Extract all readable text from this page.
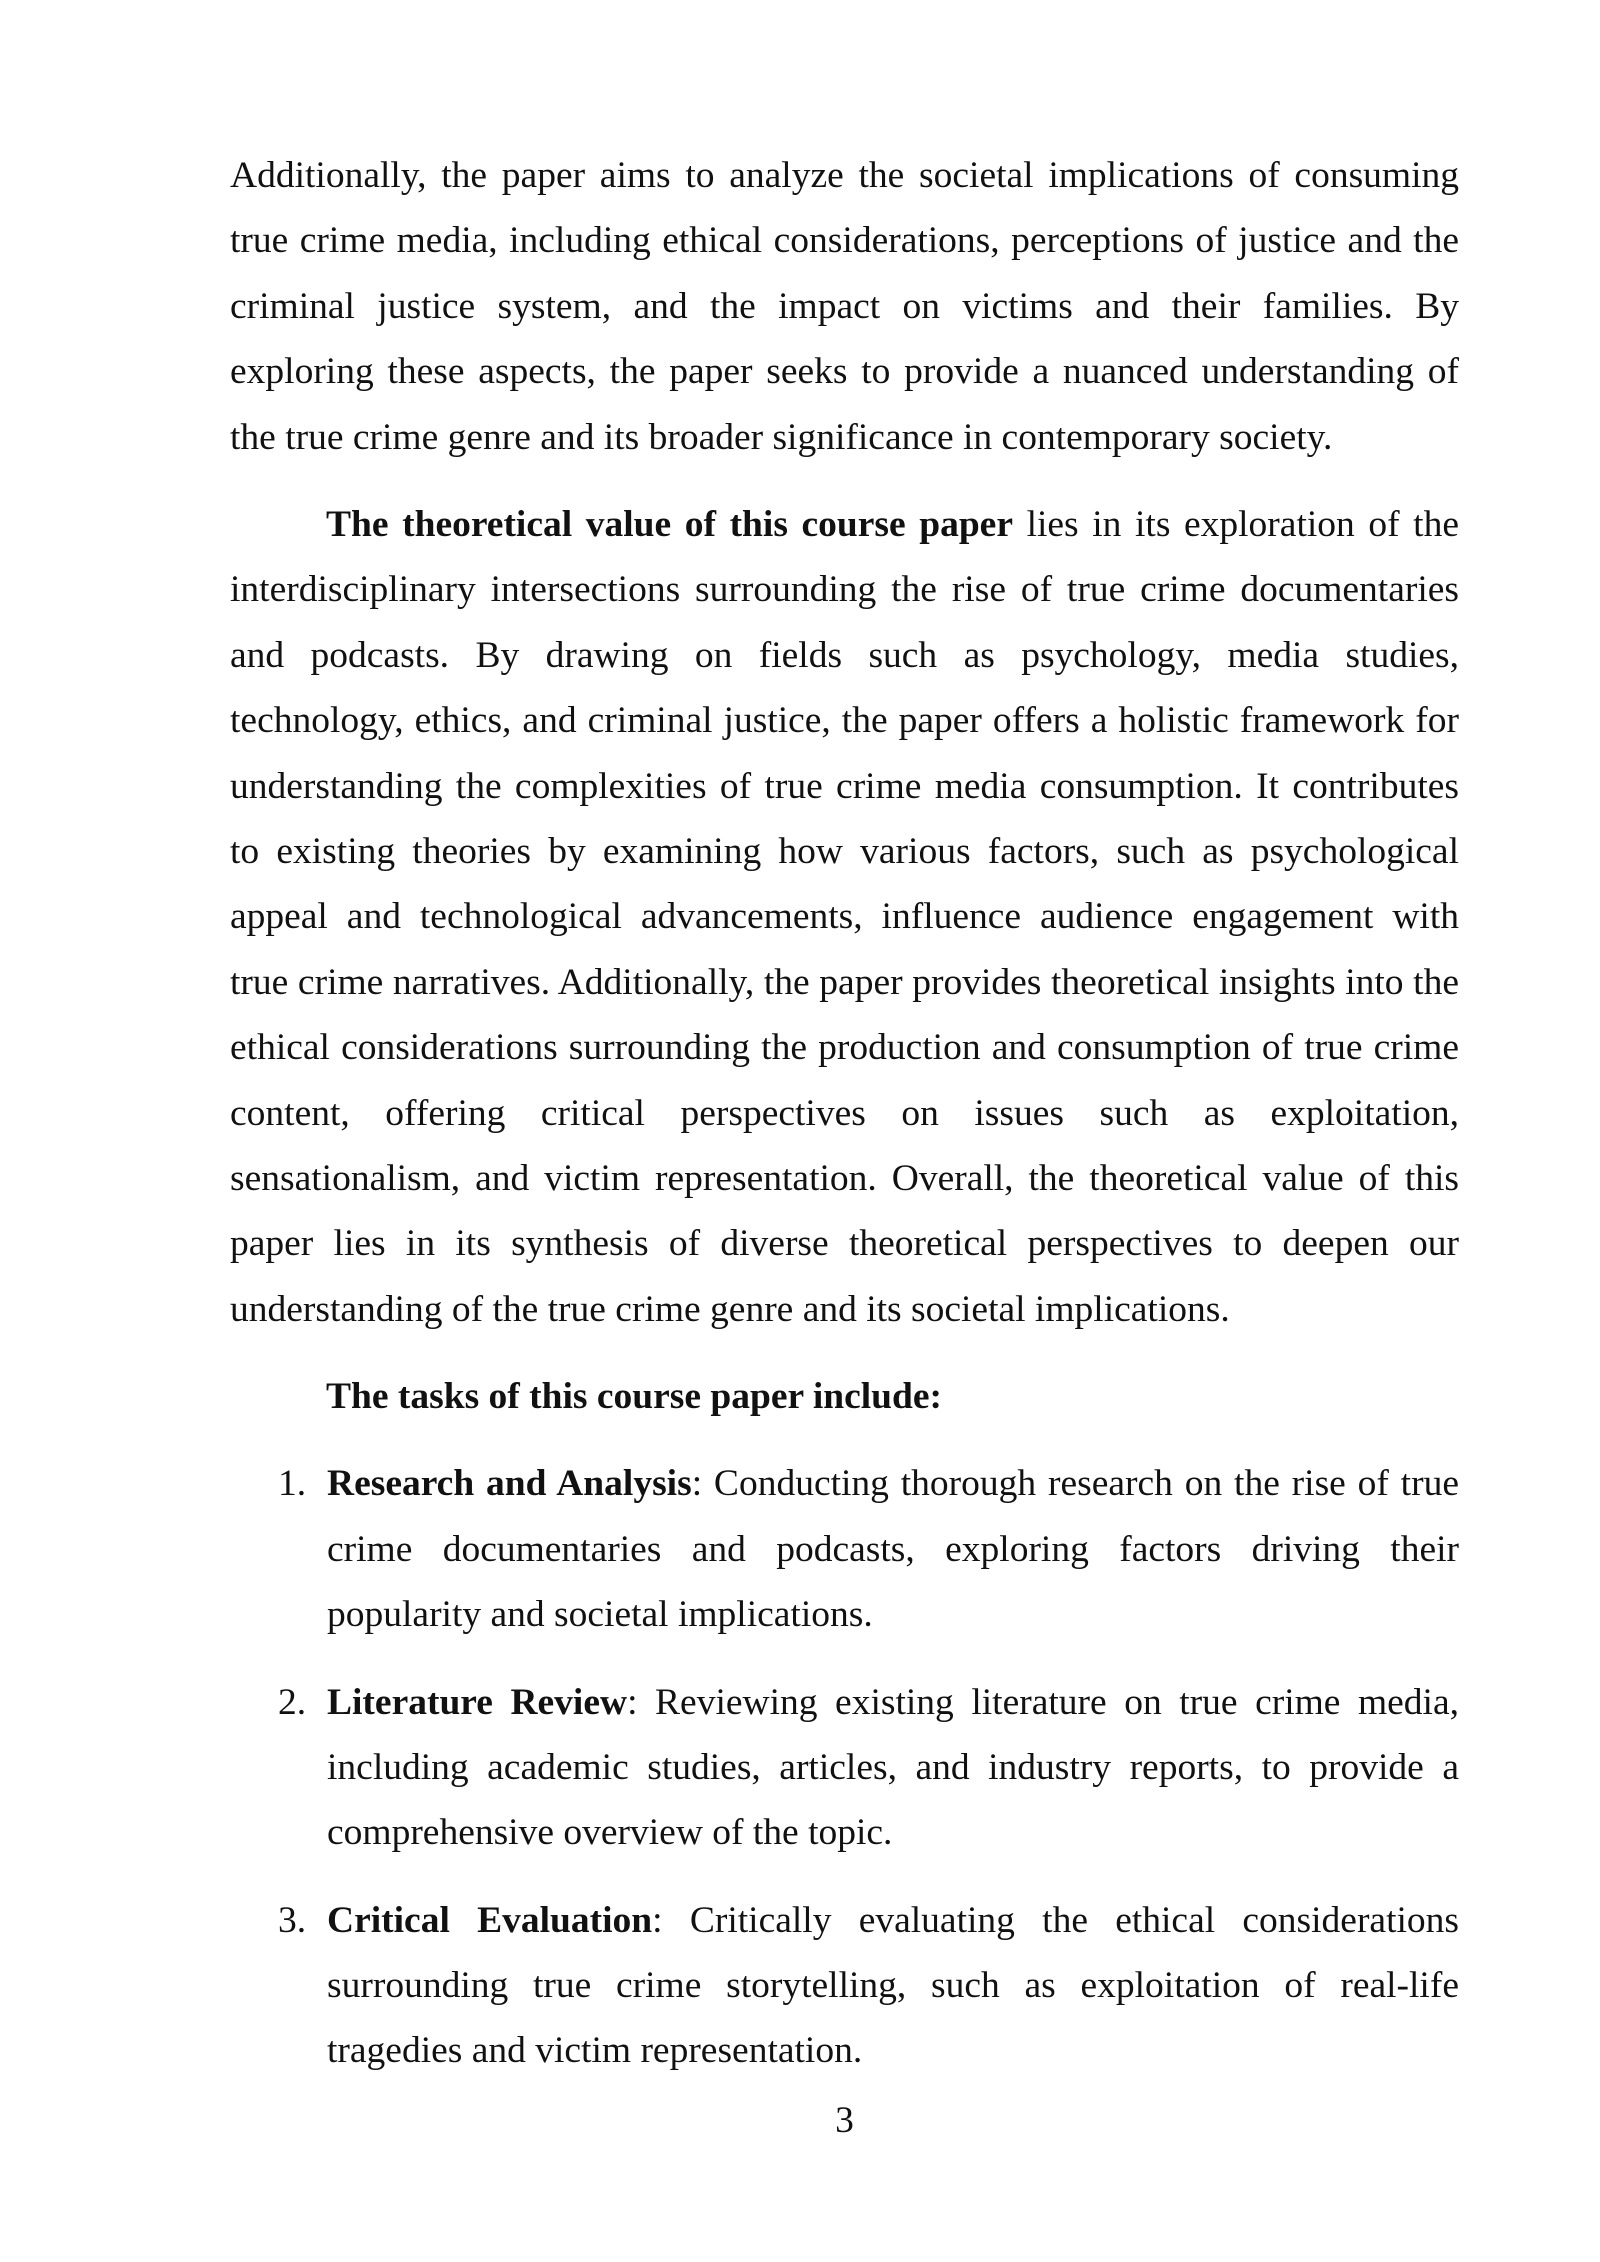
Additionally, the paper aims to analyze the societal implications of consuming true crime media, including ethical considerations, perceptions of justice and the criminal justice system, and the impact on victims and their families. By exploring these aspects, the paper seeks to provide a nuanced understanding of the true crime genre and its broader significance in contemporary society.

The theoretical value of this course paper lies in its exploration of the interdisciplinary intersections surrounding the rise of true crime documentaries and podcasts. By drawing on fields such as psychology, media studies, technology, ethics, and criminal justice, the paper offers a holistic framework for understanding the complexities of true crime media consumption. It contributes to existing theories by examining how various factors, such as psychological appeal and technological advancements, influence audience engagement with true crime narratives. Additionally, the paper provides theoretical insights into the ethical considerations surrounding the production and consumption of true crime content, offering critical perspectives on issues such as exploitation, sensationalism, and victim representation. Overall, the theoretical value of this paper lies in its synthesis of diverse theoretical perspectives to deepen our understanding of the true crime genre and its societal implications.

The tasks of this course paper include:

1. Research and Analysis: Conducting thorough research on the rise of true crime documentaries and podcasts, exploring factors driving their popularity and societal implications.

2. Literature Review: Reviewing existing literature on true crime media, including academic studies, articles, and industry reports, to provide a comprehensive overview of the topic.

3. Critical Evaluation: Critically evaluating the ethical considerations surrounding true crime storytelling, such as exploitation of real-life tragedies and victim representation.

3
